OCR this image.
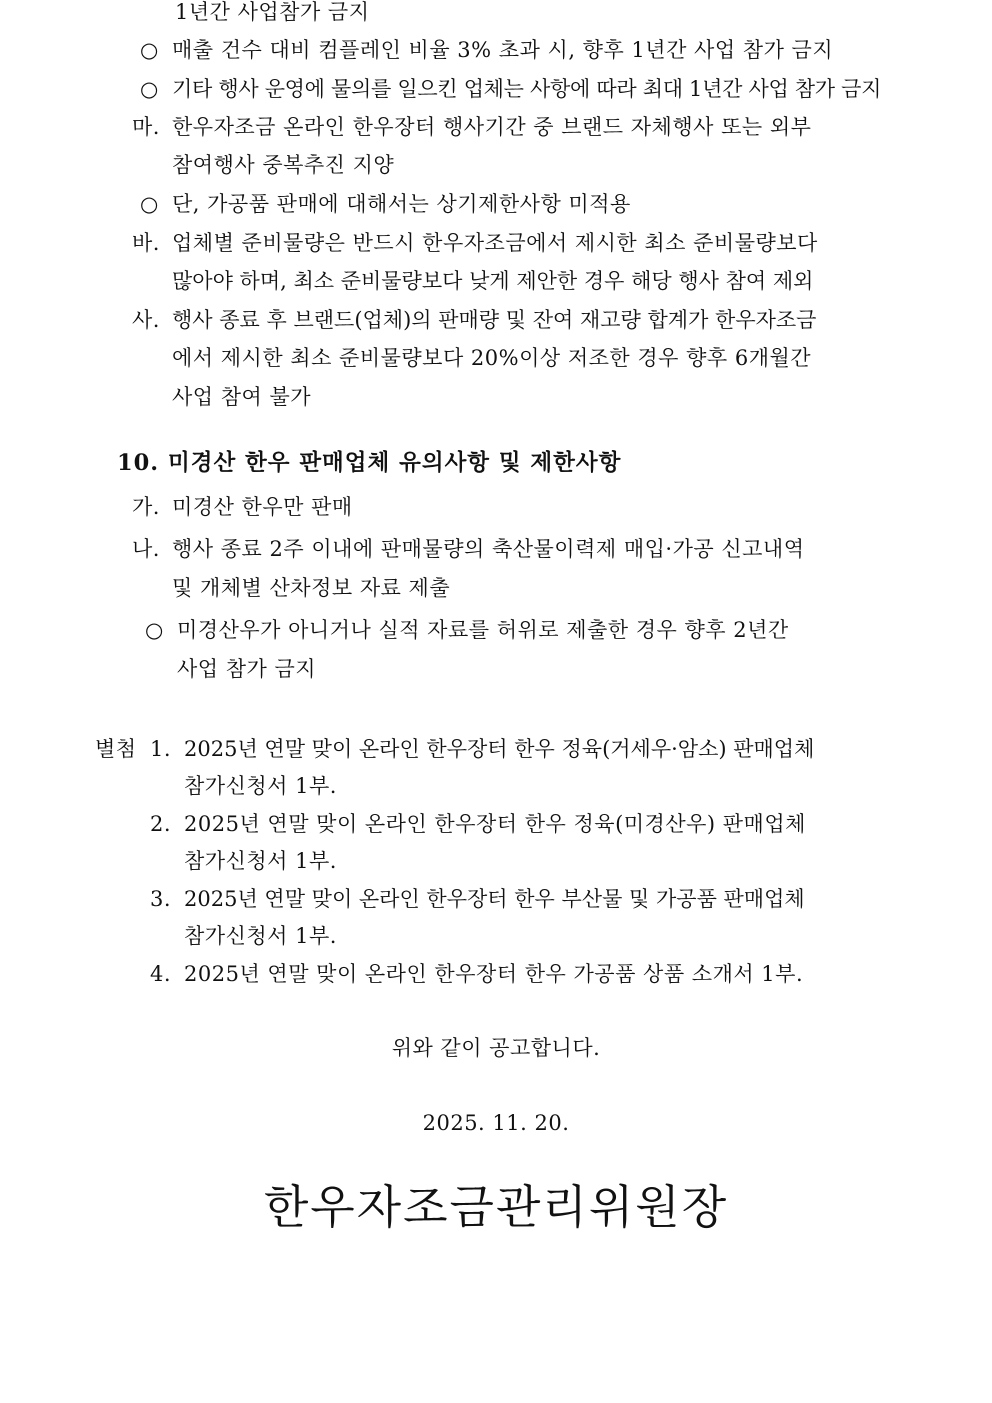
1년간 사업참가 금지
○ 매출 건수 대비 컴플레인 비율 3% 초과 시, 향후 1년간 사업 참가 금지
○ 기타 행사 운영에 물의를 일으킨 업체는 사항에 따라 최대 1년간 사업 참가 금지
마. 한우자조금 온라인 한우장터 행사기간 중 브랜드 자체행사 또는 외부
참여행사 중복추진 지양
○ 단, 가공품 판매에 대해서는 상기제한사항 미적용
바. 업체별 준비물량은 반드시 한우자조금에서 제시한 최소 준비물량보다
많아야 하며, 최소 준비물량보다 낮게 제안한 경우 해당 행사 참여 제외
사. 행사 종료 후 브랜드(업체)의 판매량 및 잔여 재고량 합계가 한우자조금
에서 제시한 최소 준비물량보다 20%이상 저조한 경우 향후 6개월간
사업 참여 불가
10. 미경산 한우 판매업체 유의사항 및 제한사항
가. 미경산 한우만 판매
나. 행사 종료 2주 이내에 판매물량의 축산물이력제 매입·가공 신고내역
및 개체별 산차정보 자료 제출
○ 미경산우가 아니거나 실적 자료를 허위로 제출한 경우 향후 2년간
사업 참가 금지
별첨 1. 2025년 연말 맞이 온라인 한우장터 한우 정육(거세우·암소) 판매업체
참가신청서 1부.
2. 2025년 연말 맞이 온라인 한우장터 한우 정육(미경산우) 판매업체
참가신청서 1부.
3. 2025년 연말 맞이 온라인 한우장터 한우 부산물 및 가공품 판매업체
참가신청서 1부.
4. 2025년 연말 맞이 온라인 한우장터 한우 가공품 상품 소개서 1부.
위와 같이 공고합니다.
2025. 11. 20.
한우자조금관리위원장
